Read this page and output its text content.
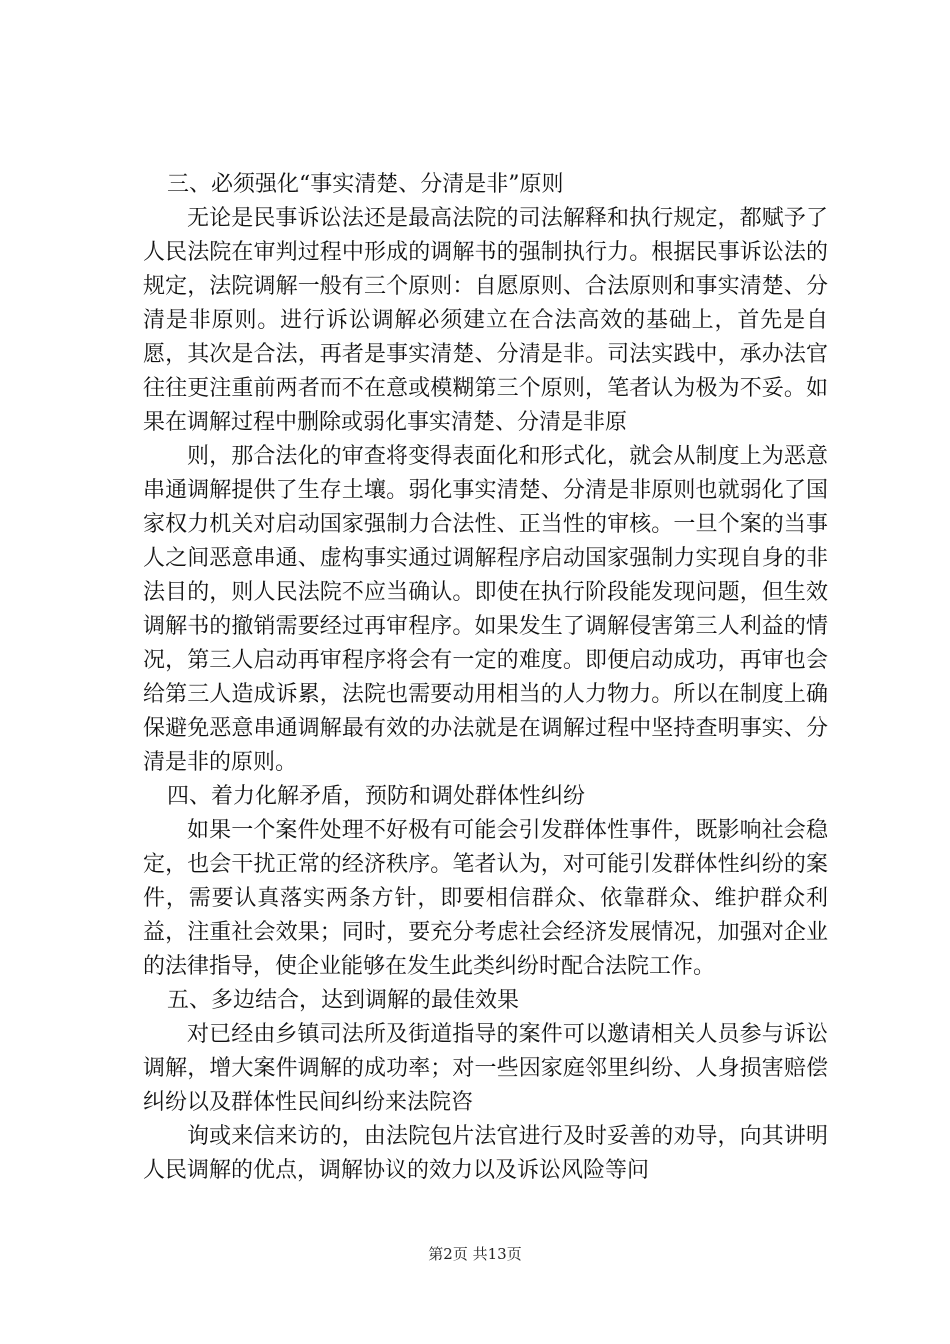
三、必须强化“事实清楚、分清是非”原则

无论是民事诉讼法还是最高法院的司法解释和执行规定，都赋予了人民法院在审判过程中形成的调解书的强制执行力。根据民事诉讼法的规定，法院调解一般有三个原则：自愿原则、合法原则和事实清楚、分清是非原则。进行诉讼调解必须建立在合法高效的基础上，首先是自愿，其次是合法，再者是事实清楚、分清是非。司法实践中，承办法官往往更注重前两者而不在意或模糊第三个原则，笔者认为极为不妥。如果在调解过程中删除或弱化事实清楚、分清是非原

则，那合法化的审查将变得表面化和形式化，就会从制度上为恶意串通调解提供了生存土壤。弱化事实清楚、分清是非原则也就弱化了国家权力机关对启动国家强制力合法性、正当性的审核。一旦个案的当事人之间恶意串通、虚构事实通过调解程序启动国家强制力实现自身的非法目的，则人民法院不应当确认。即使在执行阶段能发现问题，但生效调解书的撤销需要经过再审程序。如果发生了调解侵害第三人利益的情况，第三人启动再审程序将会有一定的难度。即便启动成功，再审也会给第三人造成诉累，法院也需要动用相当的人力物力。所以在制度上确保避免恶意串通调解最有效的办法就是在调解过程中坚持查明事实、分清是非的原则。

四、着力化解矛盾，预防和调处群体性纠纷

如果一个案件处理不好极有可能会引发群体性事件，既影响社会稳定，也会干扰正常的经济秩序。笔者认为，对可能引发群体性纠纷的案件，需要认真落实两条方针，即要相信群众、依靠群众、维护群众利益，注重社会效果；同时，要充分考虑社会经济发展情况，加强对企业的法律指导，使企业能够在发生此类纠纷时配合法院工作。

五、多边结合，达到调解的最佳效果

对已经由乡镇司法所及街道指导的案件可以邀请相关人员参与诉讼调解，增大案件调解的成功率；对一些因家庭邻里纠纷、人身损害赔偿纠纷以及群体性民间纠纷来法院咨

询或来信来访的，由法院包片法官进行及时妥善的劝导，向其讲明人民调解的优点，调解协议的效力以及诉讼风险等问

第2页 共13页
